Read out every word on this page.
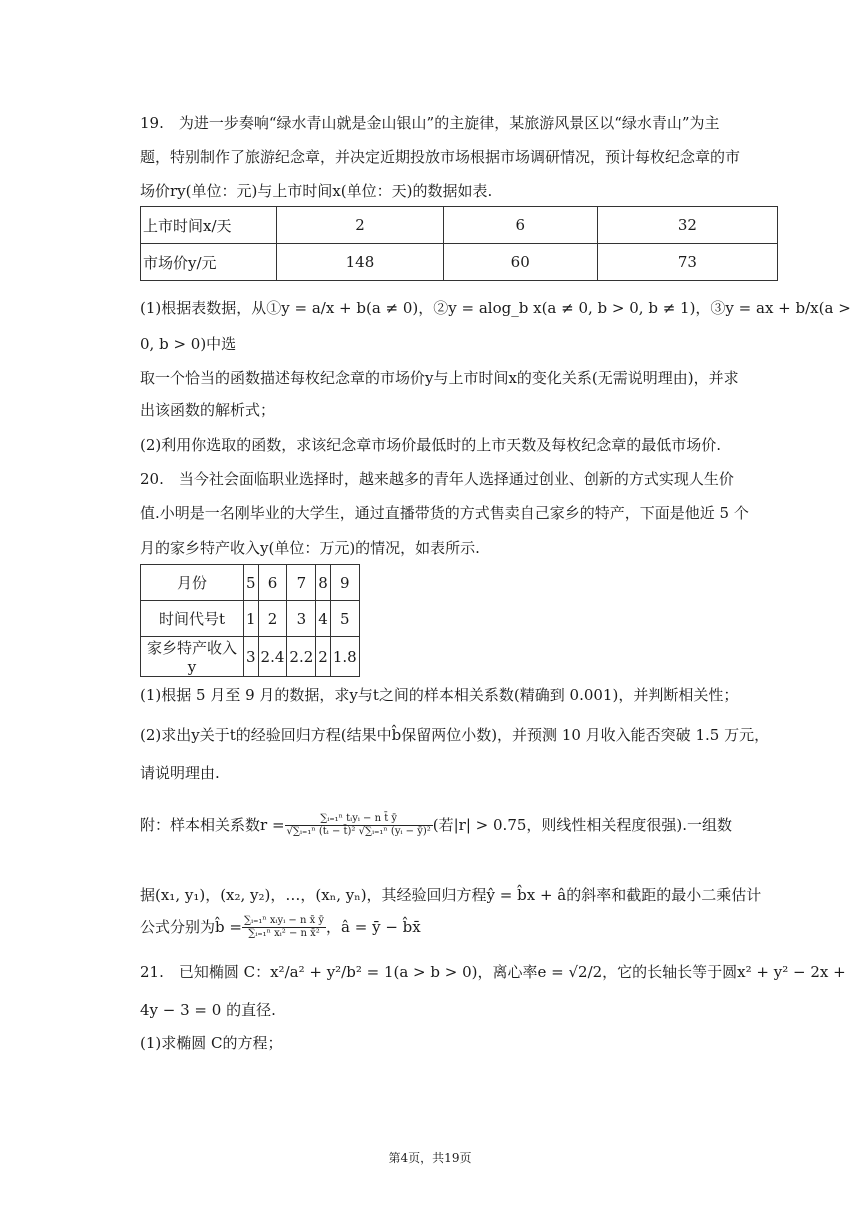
19.　为进一步奏响“绿水青山就是金山银山”的主旋律，某旅游风景区以“绿水青山”为主
题，特别制作了旅游纪念章，并决定近期投放市场根据市场调研情况，预计每枚纪念章的市
场价ry(单位：元)与上市时间x(单位：天)的数据如表.
上市时间x/天	2	6	32
市场价y/元	148	60	73
(1)根据表数据，从①y = a/x + b(a ≠ 0)，②y = alog_b x(a ≠ 0, b > 0, b ≠ 1)，③y = ax + b/x(a >
0, b > 0)中选
取一个恰当的函数描述每枚纪念章的市场价y与上市时间x的变化关系(无需说明理由)，并求
出该函数的解析式；
(2)利用你选取的函数，求该纪念章市场价最低时的上市天数及每枚纪念章的最低市场价.
20.　当今社会面临职业选择时，越来越多的青年人选择通过创业、创新的方式实现人生价
值.小明是一名刚毕业的大学生，通过直播带货的方式售卖自己家乡的特产，下面是他近 5 个
月的家乡特产收入y(单位：万元)的情况，如表所示.
月份	5	6	7	8	9
时间代号t	1	2	3	4	5
家乡特产收入y	3	2.4	2.2	2	1.8
(1)根据 5 月至 9 月的数据，求y与t之间的样本相关系数(精确到 0.001)，并判断相关性；
(2)求出y关于t的经验回归方程(结果中b̂保留两位小数)，并预测 10 月收入能否突破 1.5 万元，
请说明理由.
附：样本相关系数$r = \frac{\text{∑ᵢ₌₁ⁿ tᵢyᵢ − n t̄ ȳ}}{\text{√∑ᵢ₌₁ⁿ (tᵢ − t̄)² √∑ᵢ₌₁ⁿ (yᵢ − ȳ)²}}$ (若|r| > 0.75，则线性相关程度很强).一组数
据(x₁, y₁)，(x₂, y₂)，…，(xₙ, yₙ)，其经验回归方程ŷ = b̂x + â的斜率和截距的最小二乘估计
公式分别为b̂ = $\frac{\text{∑ᵢ₌₁ⁿ xᵢyᵢ − n x̄ ȳ}}{\text{∑ᵢ₌₁ⁿ xᵢ² − n x̄²}}$ ，â = ȳ − b̂x̄
21.　已知椭圆 C：x²/a² + y²/b² = 1(a > b > 0)，离心率e = √2/2，它的长轴长等于圆x² + y² − 2x +
4y − 3 = 0 的直径.
(1)求椭圆 C的方程；
第4页，共19页
